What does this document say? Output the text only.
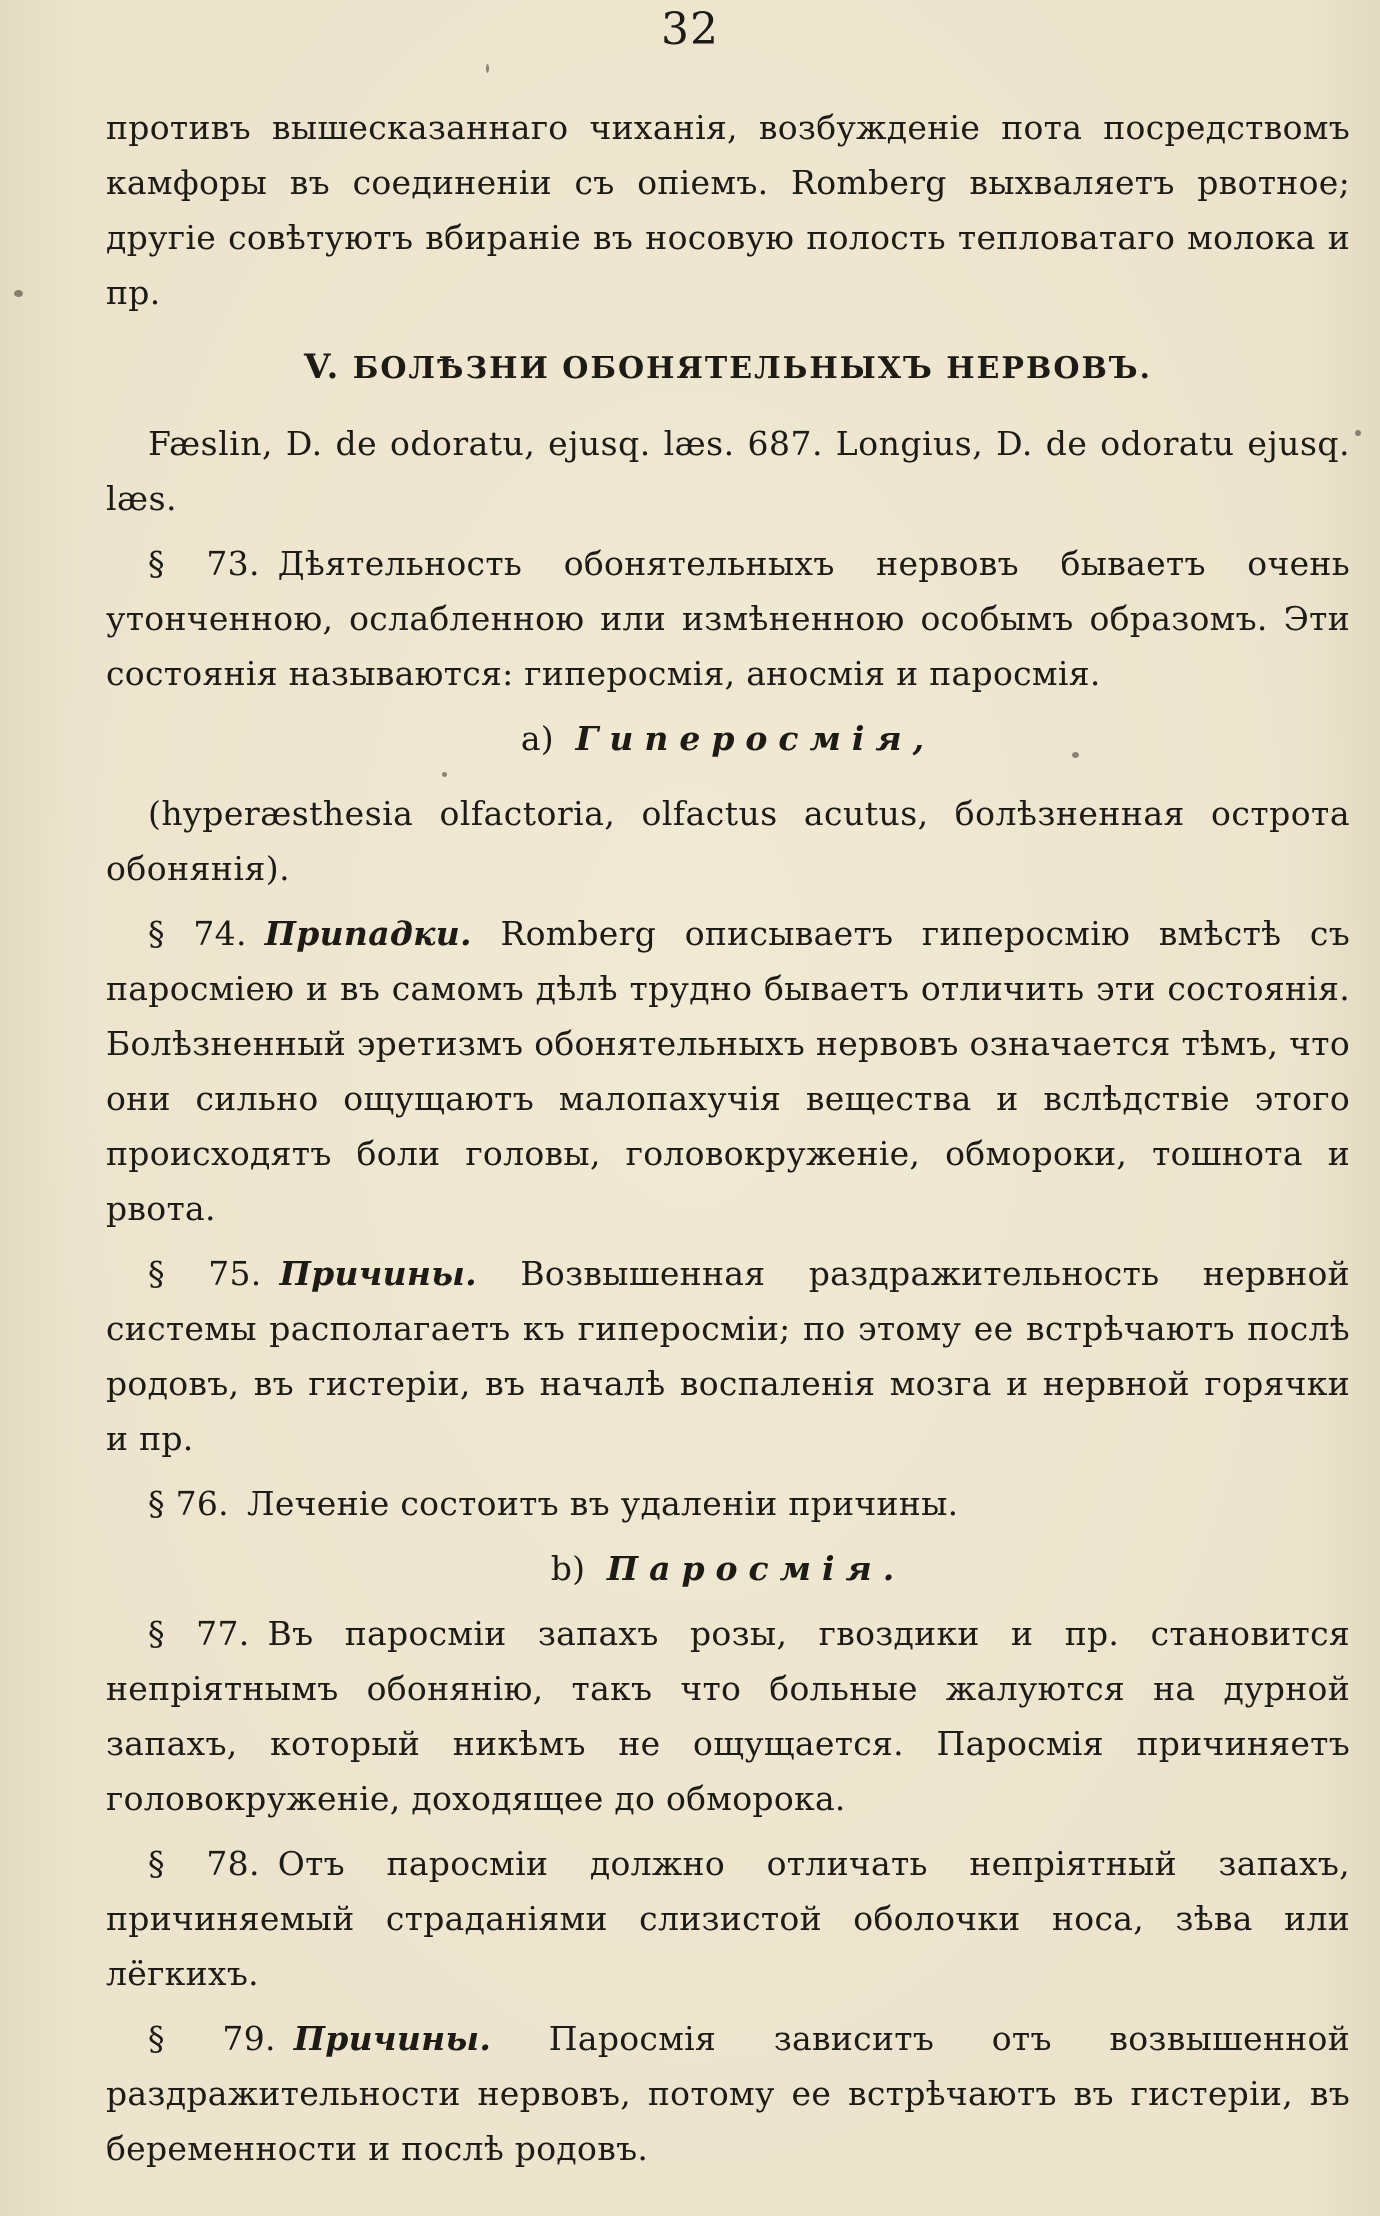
32

противъ вышесказаннаго чиханія, возбужденіе пота посредствомъ камфоры въ соединеніи съ опіемъ. Romberg выхваляетъ рвотное; другіе совѣтуютъ вбираніе въ носовую полость тепловатаго молока и пр.

V. БОЛѢЗНИ ОБОНЯТЕЛЬНЫХЪ НЕРВОВЪ.

Fæslin, D. de odoratu, ejusq. læs. 687. Longius, D. de odoratu ejusq. læs.

§ 73. Дѣятельность обонятельныхъ нервовъ бываетъ очень утонченною, ослабленною или измѣненною особымъ образомъ. Эти состоянія называются: гиперосмія, аносмія и паросмія.

a) Гиперосмія,

(hyperæsthesia olfactoria, olfactus acutus, болѣзненная острота обонянія).

§ 74. Припадки. Romberg описываетъ гиперосмію вмѣстѣ съ паросміею и въ самомъ дѣлѣ трудно бываетъ отличить эти состоянія. Болѣзненный эретизмъ обонятельныхъ нервовъ означается тѣмъ, что они сильно ощущаютъ малопахучія вещества и вслѣдствіе этого происходятъ боли головы, головокруженіе, обмороки, тошнота и рвота.

§ 75. Причины. Возвышенная раздражительность нервной системы располагаетъ къ гиперосміи; по этому ее встрѣчаютъ послѣ родовъ, въ гистеріи, въ началѣ воспаленія мозга и нервной горячки и пр.

§ 76. Леченіе состоитъ въ удаленіи причины.

b) Паросмія.

§ 77. Въ паросміи запахъ розы, гвоздики и пр. становится непріятнымъ обонянію, такъ что больные жалуются на дурной запахъ, который никѣмъ не ощущается. Паросмія причиняетъ головокруженіе, доходящее до обморока.

§ 78. Отъ паросміи должно отличать непріятный запахъ, причиняемый страданіями слизистой оболочки носа, зѣва или лёгкихъ.

§ 79. Причины. Паросмія зависитъ отъ возвышенной раздражительности нервовъ, потому ее встрѣчаютъ въ гистеріи, въ беременности и послѣ родовъ.
